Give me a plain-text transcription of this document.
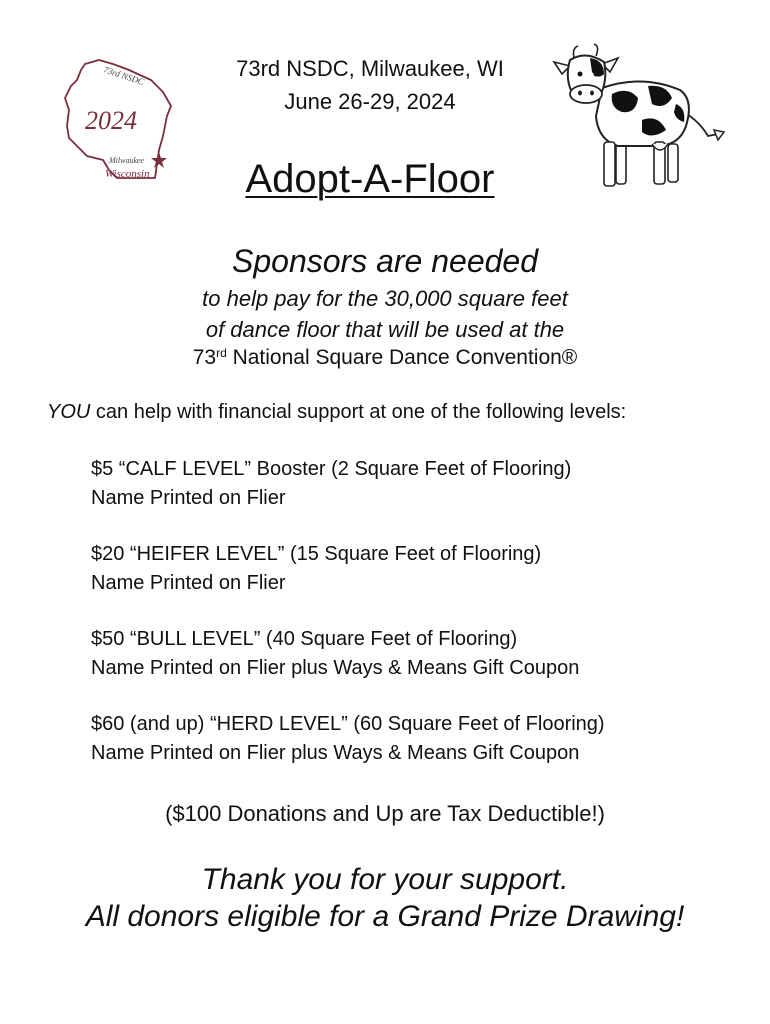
73rd NSDC
2024
Milwaukee
Wisconsin
73rd NSDC, Milwaukee, WI
June 26-29, 2024
Adopt-A-Floor
Sponsors are needed
to help pay for the 30,000 square feet
of dance floor that will be used at the
73rd National Square Dance Convention®
YOU can help with financial support at one of the following levels:
$5 “CALF LEVEL” Booster (2 Square Feet of Flooring)
Name Printed on Flier
$20 “HEIFER LEVEL” (15 Square Feet of Flooring)
Name Printed on Flier
$50 “BULL LEVEL” (40 Square Feet of Flooring)
Name Printed on Flier plus Ways & Means Gift Coupon
$60 (and up) “HERD LEVEL” (60 Square Feet of Flooring)
Name Printed on Flier plus Ways & Means Gift Coupon
($100 Donations and Up are Tax Deductible!)
Thank you for your support.
All donors eligible for a Grand Prize Drawing!
